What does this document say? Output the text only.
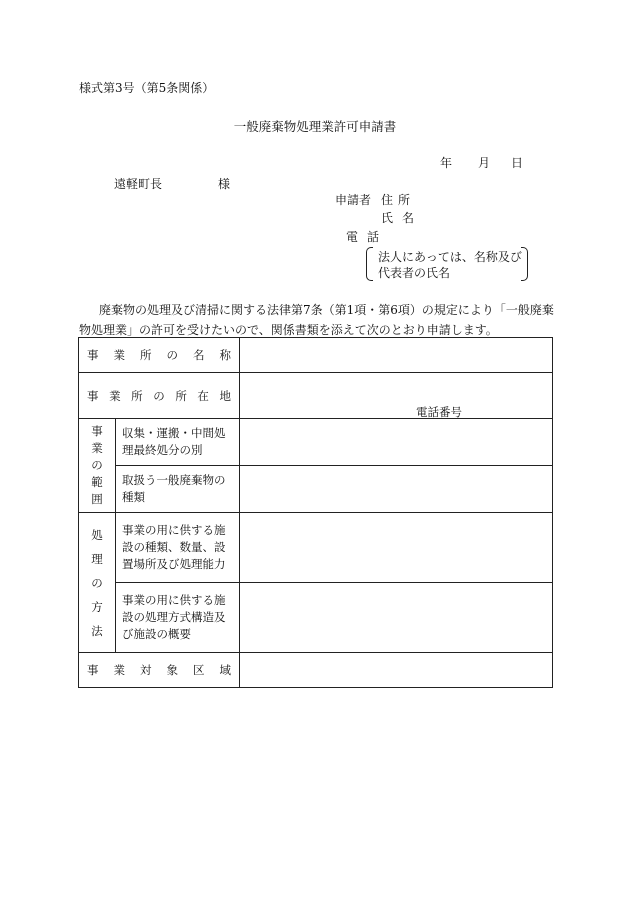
様式第3号（第5条関係）
一般廃棄物処理業許可申請書
年 月 日
遠軽町長	様
申請者 住所
氏名
電話
法人にあっては、名称及び
代表者の氏名
廃棄物の処理及び清掃に関する法律第7条（第1項・第6項）の規定により「一般廃棄物処理業」の許可を受けたいので、関係書類を添えて次のとおり申請します。
事業所の名称		
事業所の所在地		電話番号

事業の範囲	収集・運搬・中間処理最終処分の別	
	取扱う一般廃棄物の種類	

処理の方法	事業の用に供する施設の種類、数量、設置場所及び処理能力	
	事業の用に供する施設の処理方式構造及び施設の概要	
事業対象区域		
